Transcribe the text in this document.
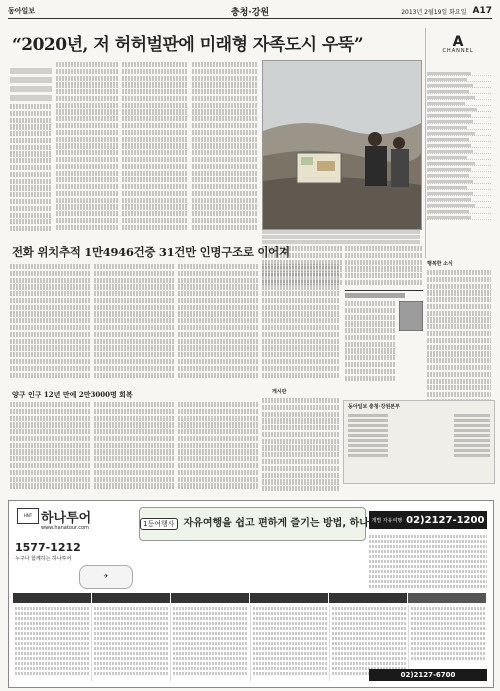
동아일보	충청·강원	2013년 2월19일 화요일 A17
“2020년, 저 허허벌판에 미래형 자족도시 우뚝”	A
CHANNEL
행복한 소식
전화 위치추적 1만4946건중 31건만 인명구조로 이어져
양구 인구 12년 만에 2만3000명 회복	게시판
동아일보 충청·강원본부
HNT 하나투어
www.hanatour.com
1577-1212
누구나 함께하는 하나투어
✈
1등여행사 자유여행을 쉽고 편하게 즐기는 방법, 하나 개별 자유여행 02)2127-1200

02)2127-6700
